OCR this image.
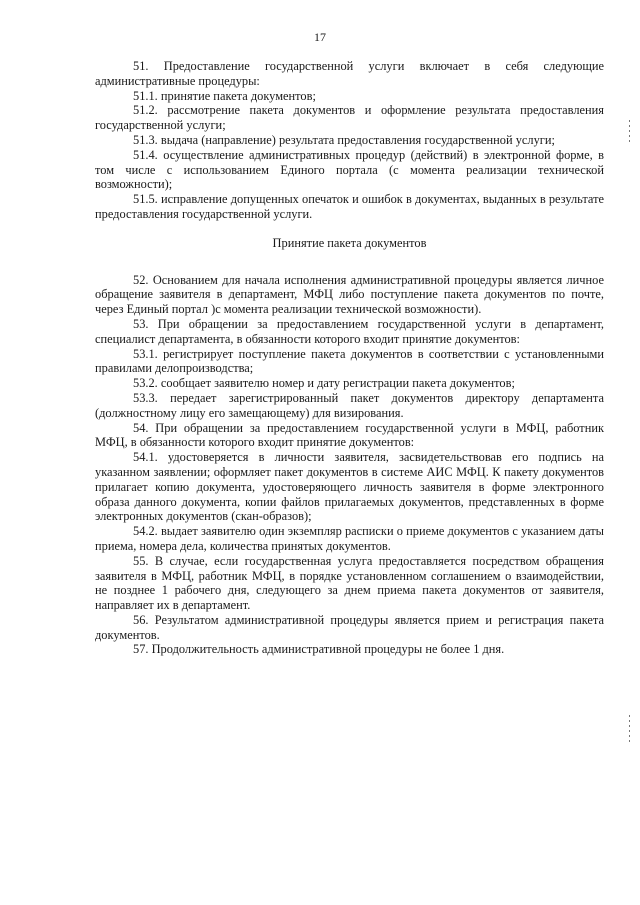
17

51. Предоставление государственной услуги включает в себя следующие административные процедуры:

51.1. принятие пакета документов;

51.2. рассмотрение пакета документов и оформление результата предоставления государственной услуги;

51.3. выдача (направление) результата предоставления государственной услуги;

51.4. осуществление административных процедур (действий) в электронной форме, в том числе с использованием Единого портала (с момента реализации технической возможности);

51.5. исправление допущенных опечаток и ошибок в документах, выданных в результате предоставления государственной услуги.

Принятие пакета документов

52. Основанием для начала исполнения административной процедуры является личное обращение заявителя в департамент, МФЦ либо поступление пакета документов по почте, через Единый портал )с момента реализации технической возможности).

53. При обращении за предоставлением государственной услуги в департамент, специалист департамента, в обязанности которого входит принятие документов:

53.1. регистрирует поступление пакета документов в соответствии с установленными правилами делопроизводства;

53.2. сообщает заявителю номер и дату регистрации пакета документов;

53.3. передает зарегистрированный пакет документов директору департамента (должностному лицу его замещающему) для визирования.

54. При обращении за предоставлением государственной услуги в МФЦ, работник МФЦ, в обязанности которого входит принятие документов:

54.1. удостоверяется в личности заявителя, засвидетельствовав его подпись на указанном заявлении; оформляет пакет документов в системе АИС МФЦ. К пакету документов прилагает копию документа, удостоверяющего личность заявителя в форме электронного образа данного документа, копии файлов прилагаемых документов, представленных в форме электронных документов (скан-образов);

54.2. выдает заявителю один экземпляр расписки о приеме документов с указанием даты приема, номера дела, количества принятых документов.

55. В случае, если государственная услуга предоставляется посредством обращения заявителя в МФЦ, работник МФЦ, в порядке установленном соглашением о взаимодействии, не позднее 1 рабочего дня, следующего за днем приема пакета документов от заявителя, направляет их в департамент.

56. Результатом административной процедуры является прием и регистрация пакета документов.

57. Продолжительность административной процедуры не более 1 дня.
